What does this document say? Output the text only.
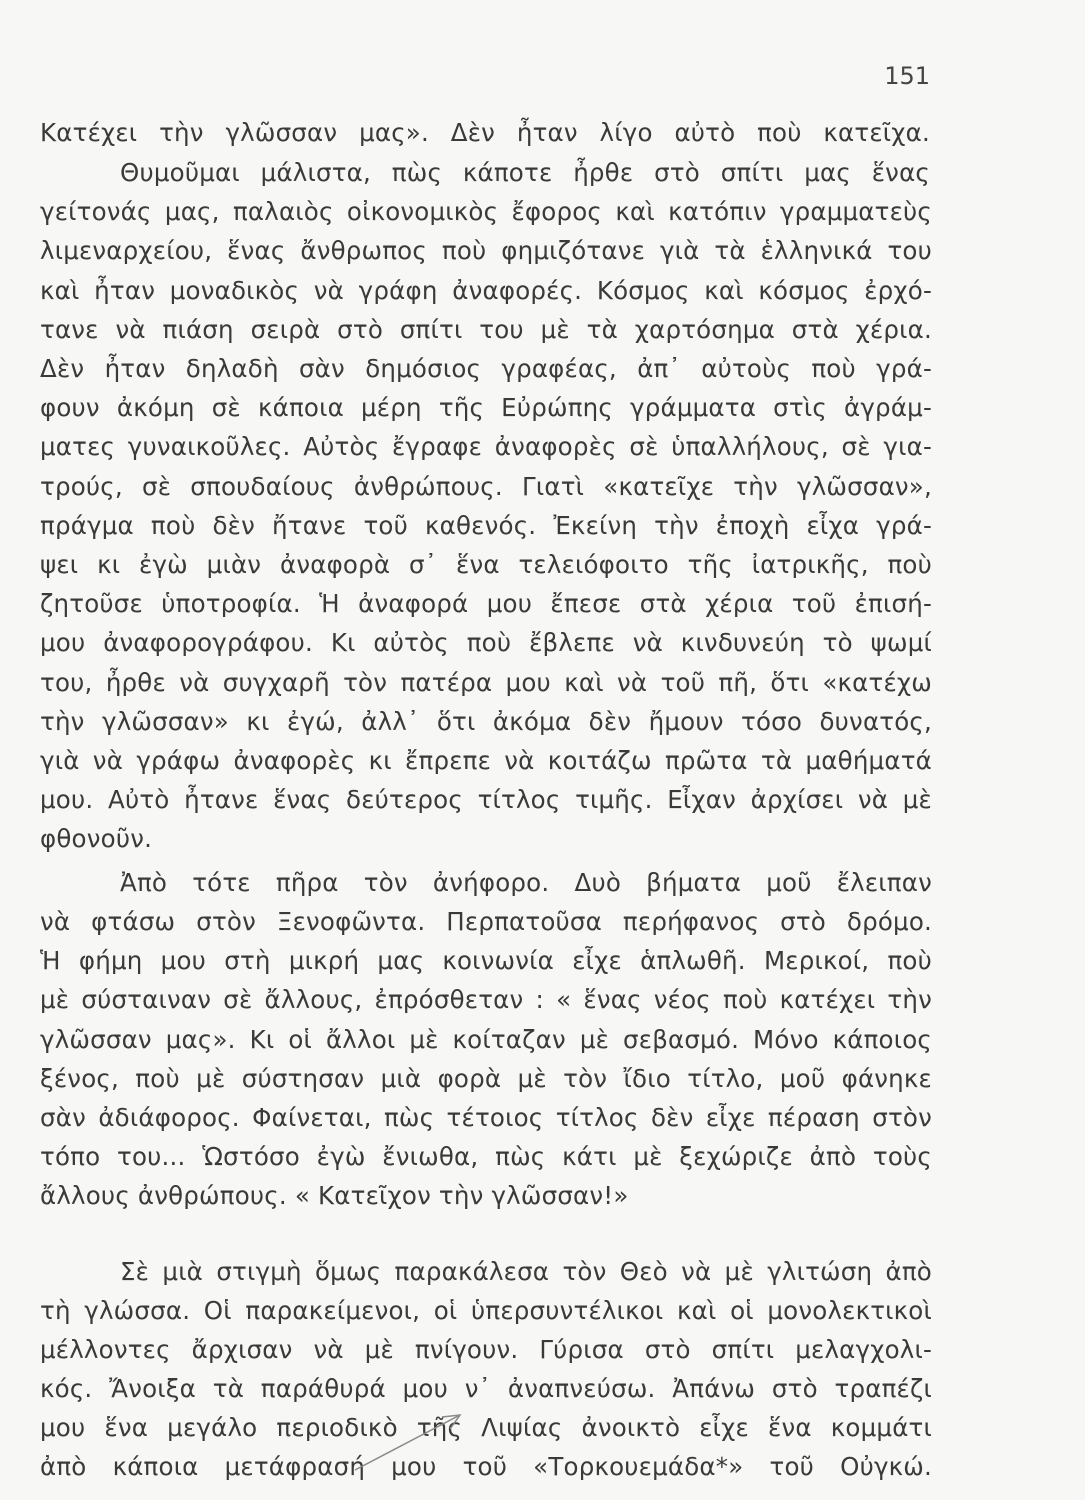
151
Κατέχει τὴν γλῶσσαν μας». Δὲν ἦταν λίγο αὐτὸ ποὺ κατεῖχα.
Θυμοῦμαι μάλιστα, πὼς κάποτε ἦρθε στὸ σπίτι μας ἕνας
γείτονάς μας, παλαιὸς οἰκονομικὸς ἔφορος καὶ κατόπιν γραμματεὺς
λιμεναρχείου, ἕνας ἄνθρωπος ποὺ φημιζότανε γιὰ τὰ ἑλληνικά του
καὶ ἦταν μοναδικὸς νὰ γράφη ἀναφορές. Κόσμος καὶ κόσμος ἐρχό-
τανε νὰ πιάση σειρὰ στὸ σπίτι του μὲ τὰ χαρτόσημα στὰ χέρια.
Δὲν ἦταν δηλαδὴ σὰν δημόσιος γραφέας, ἀπ᾽ αὐτοὺς ποὺ γρά-
φουν ἀκόμη σὲ κάποια μέρη τῆς Εὐρώπης γράμματα στὶς ἀγράμ-
ματες γυναικοῦλες. Αὐτὸς ἔγραφε ἀναφορὲς σὲ ὑπαλλήλους, σὲ για-
τρούς, σὲ σπουδαίους ἀνθρώπους. Γιατὶ «κατεῖχε τὴν γλῶσσαν»,
πράγμα ποὺ δὲν ἤτανε τοῦ καθενός. Ἐκείνη τὴν ἐποχὴ εἶχα γρά-
ψει κι ἐγὼ μιὰν ἀναφορὰ σ᾽ ἕνα τελειόφοιτο τῆς ἰατρικῆς, ποὺ
ζητοῦσε ὑποτροφία. Ἡ ἀναφορά μου ἔπεσε στὰ χέρια τοῦ ἐπισή-
μου ἀναφορογράφου. Κι αὐτὸς ποὺ ἔβλεπε νὰ κινδυνεύη τὸ ψωμί
του, ἦρθε νὰ συγχαρῆ τὸν πατέρα μου καὶ νὰ τοῦ πῆ, ὅτι «κατέχω
τὴν γλῶσσαν» κι ἐγώ, ἀλλ᾽ ὅτι ἀκόμα δὲν ἤμουν τόσο δυνατός,
γιὰ νὰ γράφω ἀναφορὲς κι ἔπρεπε νὰ κοιτάζω πρῶτα τὰ μαθήματά
μου. Αὐτὸ ἦτανε ἕνας δεύτερος τίτλος τιμῆς. Εἶχαν ἀρχίσει νὰ μὲ
φθονοῦν.
Ἀπὸ τότε πῆρα τὸν ἀνήφορο. Δυὸ βήματα μοῦ ἔλειπαν
νὰ φτάσω στὸν Ξενοφῶντα. Περπατοῦσα περήφανος στὸ δρόμο.
Ἡ φήμη μου στὴ μικρή μας κοινωνία εἶχε ἁπλωθῆ. Μερικοί, ποὺ
μὲ σύσταιναν σὲ ἄλλους, ἐπρόσθεταν : « ἕνας νέος ποὺ κατέχει τὴν
γλῶσσαν μας». Κι οἱ ἄλλοι μὲ κοίταζαν μὲ σεβασμό. Μόνο κάποιος
ξένος, ποὺ μὲ σύστησαν μιὰ φορὰ μὲ τὸν ἴδιο τίτλο, μοῦ φάνηκε
σὰν ἀδιάφορος. Φαίνεται, πὼς τέτοιος τίτλος δὲν εἶχε πέραση στὸν
τόπο του... Ὡστόσο ἐγὼ ἔνιωθα, πὼς κάτι μὲ ξεχώριζε ἀπὸ τοὺς
ἄλλους ἀνθρώπους. « Κατεῖχον τὴν γλῶσσαν!»
Σὲ μιὰ στιγμὴ ὅμως παρακάλεσα τὸν Θεὸ νὰ μὲ γλιτώση ἀπὸ
τὴ γλώσσα. Οἱ παρακείμενοι, οἱ ὑπερσυντέλικοι καὶ οἱ μονολεκτικοὶ
μέλλοντες ἄρχισαν νὰ μὲ πνίγουν. Γύρισα στὸ σπίτι μελαγχολι-
κός. Ἄνοιξα τὰ παράθυρά μου ν᾽ ἀναπνεύσω. Ἀπάνω στὸ τραπέζι
μου ἕνα μεγάλο περιοδικὸ τῆς Λιψίας ἀνοικτὸ εἶχε ἕνα κομμάτι
ἀπὸ κάποια μετάφρασή μου τοῦ «Τορκουεμάδα*» τοῦ Οὐγκώ.
